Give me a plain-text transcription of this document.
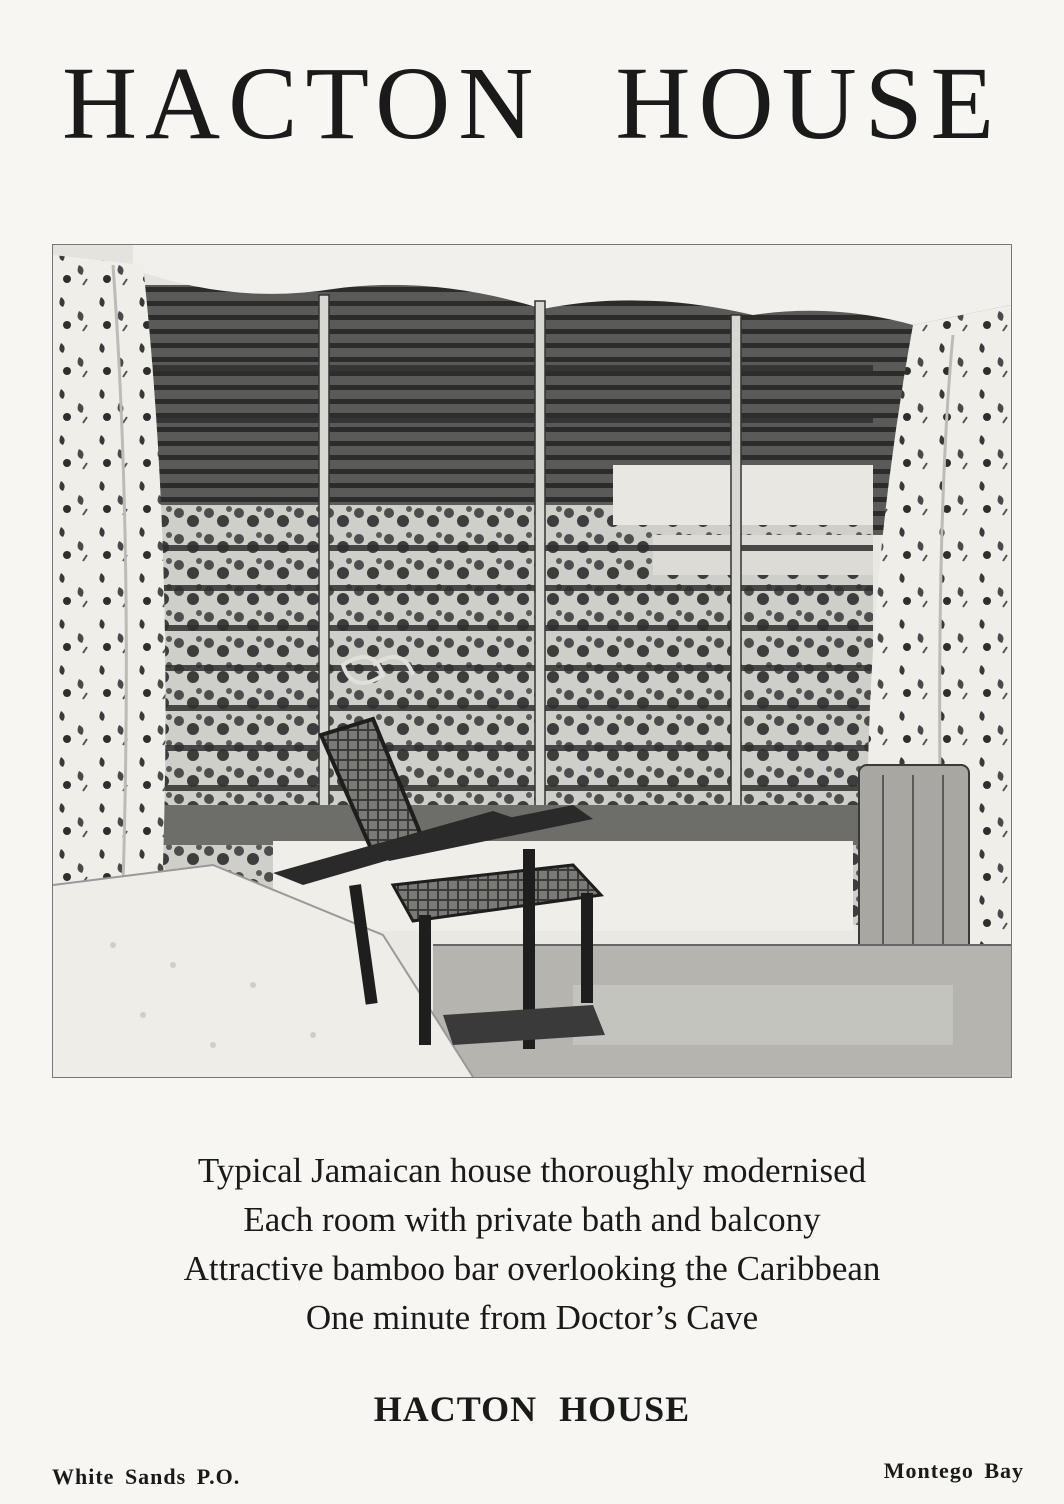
HACTON HOUSE
Typical Jamaican house thoroughly modernised
Each room with private bath and balcony
Attractive bamboo bar overlooking the Caribbean
One minute from Doctor’s Cave
HACTON HOUSE
White Sands P.O.	Montego Bay
